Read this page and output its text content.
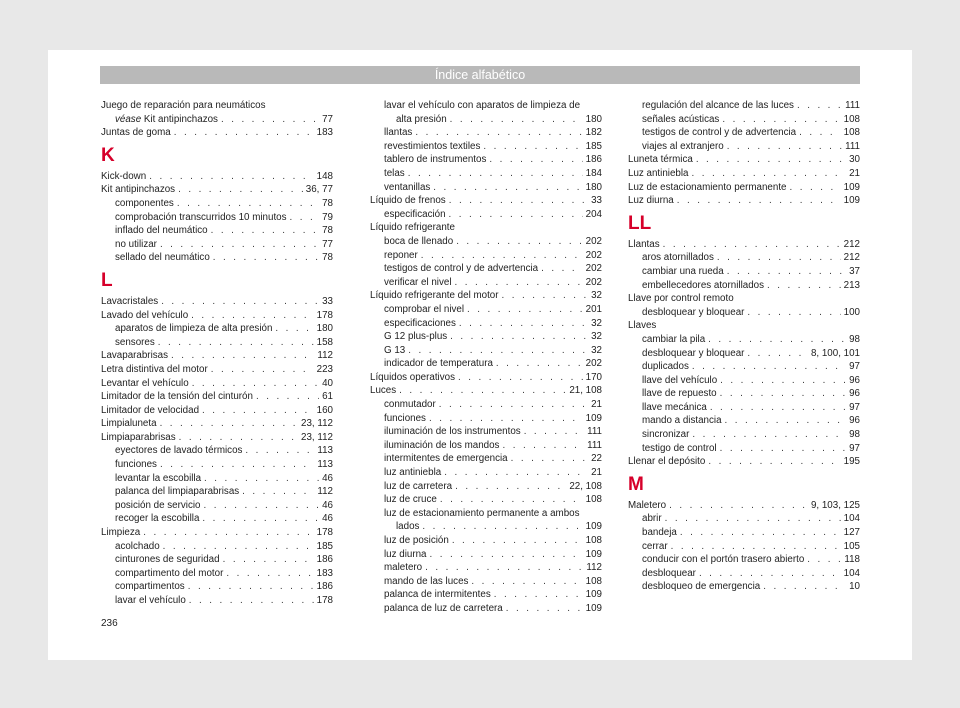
Índice alfabético
Juego de reparación para neumáticos
véase Kit antipinchazos . . .	77
Juntas de goma . . .	183
K
Kick-down . . .	148
Kit antipinchazos . . .	36, 77
componentes . . .	78
comprobación transcurridos 10 minutos . . .	79
inflado del neumático . . .	78
no utilizar . . .	77
sellado del neumático . . .	78
L
Lavacristales . . .	33
Lavado del vehículo . . .	178
aparatos de limpieza de alta presión . . .	180
sensores . . .	158
Lavaparabrisas . . .	112
Letra distintiva del motor . . .	223
Levantar el vehículo . . .	40
Limitador de la tensión del cinturón . . .	61
Limitador de velocidad . . .	160
Limpialuneta . . .	23, 112
Limpiaparabrisas . . .	23, 112
eyectores de lavado térmicos . . .	113
funciones . . .	113
levantar la escobilla . . .	46
palanca del limpiaparabrisas . . .	112
posición de servicio . . .	46
recoger la escobilla . . .	46
Limpieza . . .	178
acolchado . . .	185
cinturones de seguridad . . .	186
compartimento del motor . . .	183
compartimentos . . .	186
lavar el vehículo . . .	178
lavar el vehículo con aparatos de limpieza de
alta presión . . .	180
llantas . . .	182
revestimientos textiles . . .	185
tablero de instrumentos . . .	186
telas . . .	184
ventanillas . . .	180
Líquido de frenos . . .	33
especificación . . .	204
Líquido refrigerante
boca de llenado . . .	202
reponer . . .	202
testigos de control y de advertencia . . .	202
verificar el nivel . . .	202
Líquido refrigerante del motor . . .	32
comprobar el nivel . . .	201
especificaciones . . .	32
G 12 plus-plus . . .	32
G 13 . . .	32
indicador de temperatura . . .	202
Líquidos operativos . . .	170
Luces . . .	21, 108
conmutador . . .	21
funciones . . .	109
iluminación de los instrumentos . . .	111
iluminación de los mandos . . .	111
intermitentes de emergencia . . .	22
luz antiniebla . . .	21
luz de carretera . . .	22, 108
luz de cruce . . .	108
luz de estacionamiento permanente a ambos
lados . . .	109
luz de posición . . .	108
luz diurna . . .	109
maletero . . .	112
mando de las luces . . .	108
palanca de intermitentes . . .	109
palanca de luz de carretera . . .	109
regulación del alcance de las luces . . .	111
señales acústicas . . .	108
testigos de control y de advertencia . . .	108
viajes al extranjero . . .	111
Luneta térmica . . .	30
Luz antiniebla . . .	21
Luz de estacionamiento permanente . . .	109
Luz diurna . . .	109
LL
Llantas . . .	212
aros atornillados . . .	212
cambiar una rueda . . .	37
embellecedores atornillados . . .	213
Llave por control remoto
desbloquear y bloquear . . .	100
Llaves
cambiar la pila . . .	98
desbloquear y bloquear . . .	8, 100, 101
duplicados . . .	97
llave del vehículo . . .	96
llave de repuesto . . .	96
llave mecánica . . .	97
mando a distancia . . .	96
sincronizar . . .	98
testigo de control . . .	97
Llenar el depósito . . .	195
M
Maletero . . .	9, 103, 125
abrir . . .	104
bandeja . . .	127
cerrar . . .	105
conducir con el portón trasero abierto . . .	118
desbloquear . . .	104
desbloqueo de emergencia . . .	10
236
